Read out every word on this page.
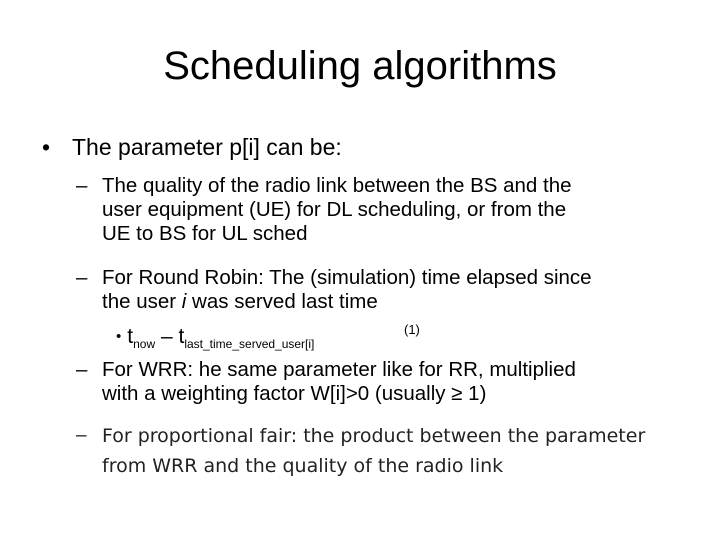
Scheduling algorithms
• The parameter p[i] can be:
– The quality of the radio link between the BS and the
user equipment (UE) for DL scheduling, or from the
UE to BS for UL sched
– For Round Robin: The (simulation) time elapsed since
the user i was served last time
• $t_{now} - t_{last\_time\_served\_user[i]}$
(1)
– For WRR: he same parameter like for RR, multiplied
with a weighting factor W[i]>0 (usually ≥ 1)
– For proportional fair: the product between the parameter
from WRR and the quality of the radio link
